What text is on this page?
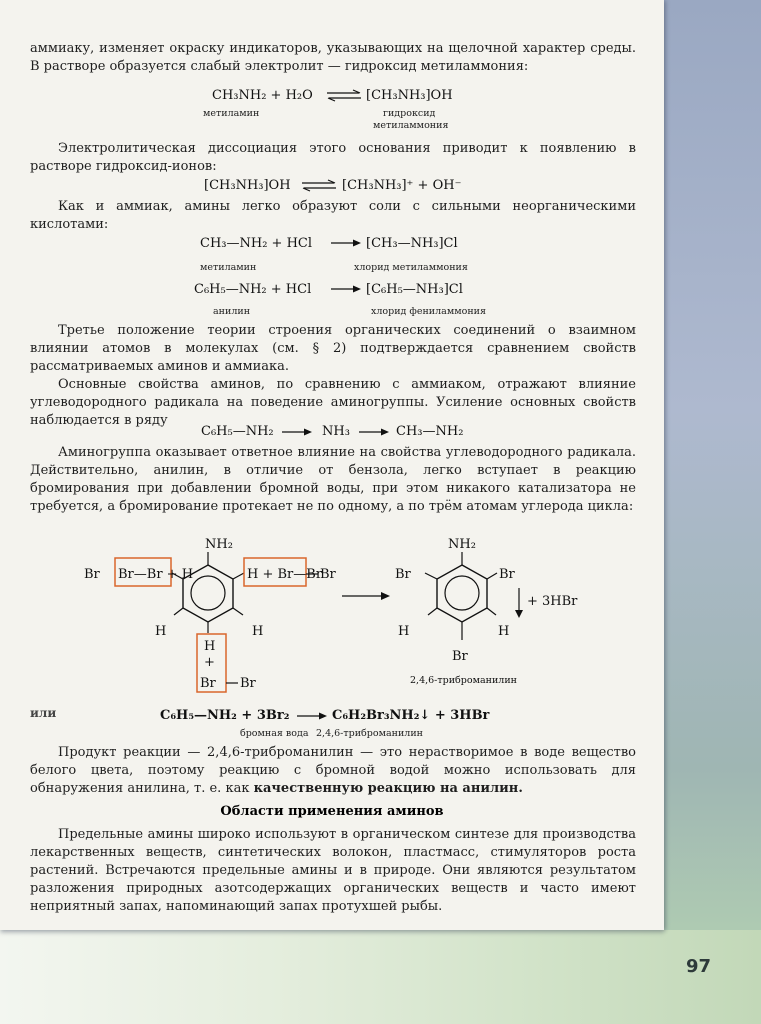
аммиаку, изменяет окраску индикаторов, указывающих на щелочной характер среды. В растворе образуется слабый электролит — гидроксид метиламмония:
CH₃NH₂ + H₂O ⇌ [CH₃NH₃]OH
метиламин	гидроксид
метиламмония
Электролитическая диссоциация этого основания приводит к появлению в растворе гидроксид-ионов:
[CH₃NH₃]OH ⇌ [CH₃NH₃]⁺ + OH⁻
Как и аммиак, амины легко образуют соли с сильными неорганическими кислотами:
CH₃—NH₂ + HCl	[CH₃—NH₃]Cl
метиламин	хлорид метиламмония
C₆H₅—NH₂ + HCl	[C₆H₅—NH₃]Cl
анилин	хлорид фениламмония
Третье положение теории строения органических соединений о взаимном влиянии атомов в молекулах (см. § 2) подтверждается сравнением свойств рассматриваемых аминов и аммиака.
Основные свойства аминов, по сравнению с аммиаком, отражают влияние углеводородного радикала на поведение аминогруппы. Усиление основных свойств наблюдается в ряду
C₆H₅—NH₂	NH₃	CH₃—NH₂
Аминогруппа оказывает ответное влияние на свойства углеводородного радикала. Действительно, анилин, в отличие от бензола, легко вступает в реакцию бромирования при добавлении бромной воды, при этом никакого катализатора не требуется, а бромирование протекает не по одному, а по трём атомам углерода цикла:
NH₂
H	H
Br Br—Br + H	H + Br—Br
Br
H
+
Br Br
NH₂
Br	Br
H	H
Br
+ 3HBr
2,4,6-триброманилин
или	C₆H₅—NH₂ + 3Br₂	C₆H₂Br₃NH₂↓ + 3HBr
бромная вода 2,4,6-триброманилин
Продукт реакции — 2,4,6-триброманилин — это нерастворимое в воде вещество белого цвета, поэтому реакцию с бромной водой можно использовать для обнаружения анилина, т. е. как качественную реакцию на анилин.
Области применения аминов
Предельные амины широко используют в органическом синтезе для производства лекарственных веществ, синтетических волокон, пластмасс, стимуляторов роста растений. Встречаются предельные амины и в природе. Они являются результатом разложения природных азотсодержащих органических веществ и часто имеют неприятный запах, напоминающий запах протухшей рыбы.
97
